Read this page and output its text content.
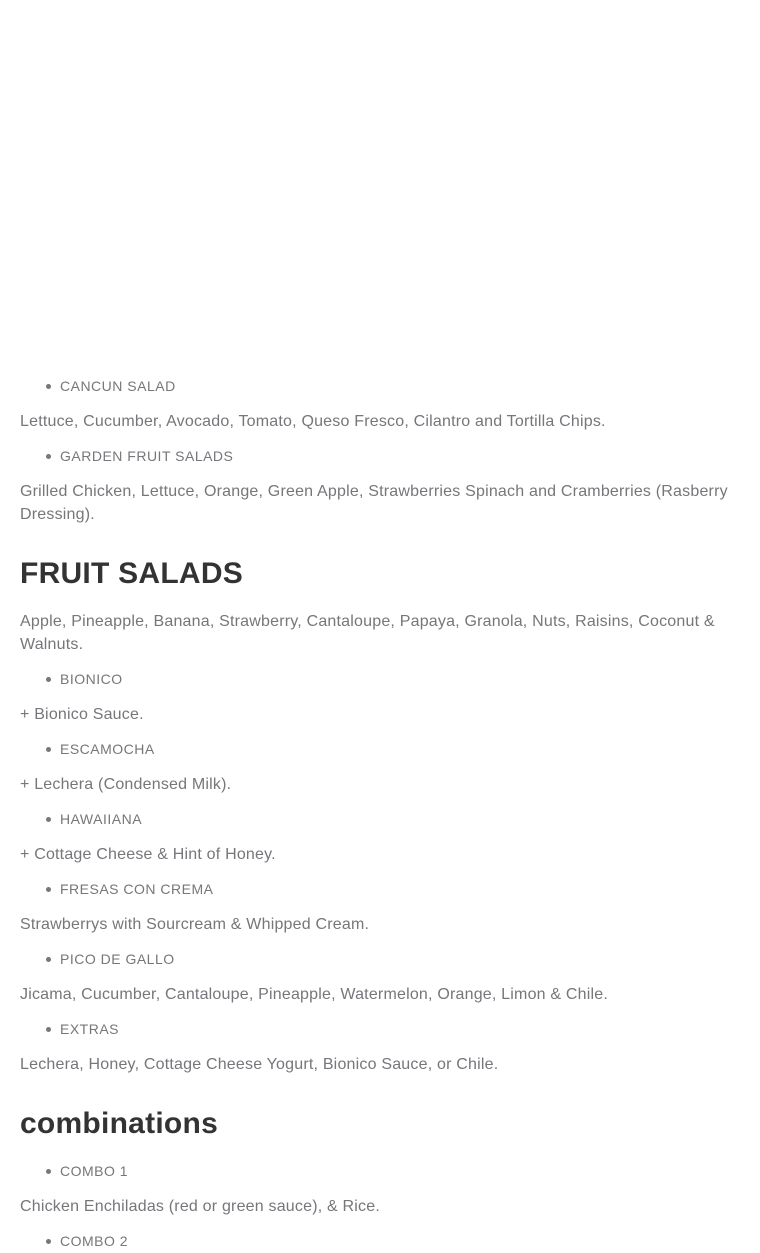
CANCUN SALAD

Lettuce, Cucumber, Avocado, Tomato, Queso Fresco, Cilantro and Tortilla Chips.

GARDEN FRUIT SALADS

Grilled Chicken, Lettuce, Orange, Green Apple, Strawberries Spinach and Cramberries (Rasberry Dressing).

FRUIT SALADS

Apple, Pineapple, Banana, Strawberry, Cantaloupe, Papaya, Granola, Nuts, Raisins, Coconut & Walnuts.

BIONICO

+ Bionico Sauce.

ESCAMOCHA

+ Lechera (Condensed Milk).

HAWAIIANA

+ Cottage Cheese & Hint of Honey.

FRESAS CON CREMA

Strawberrys with Sourcream & Whipped Cream.

PICO DE GALLO

Jicama, Cucumber, Cantaloupe, Pineapple, Watermelon, Orange, Limon & Chile.

EXTRAS

Lechera, Honey, Cottage Cheese Yogurt, Bionico Sauce, or Chile.

combinations
COMBO 1

Chicken Enchiladas (red or green sauce), & Rice.

COMBO 2
